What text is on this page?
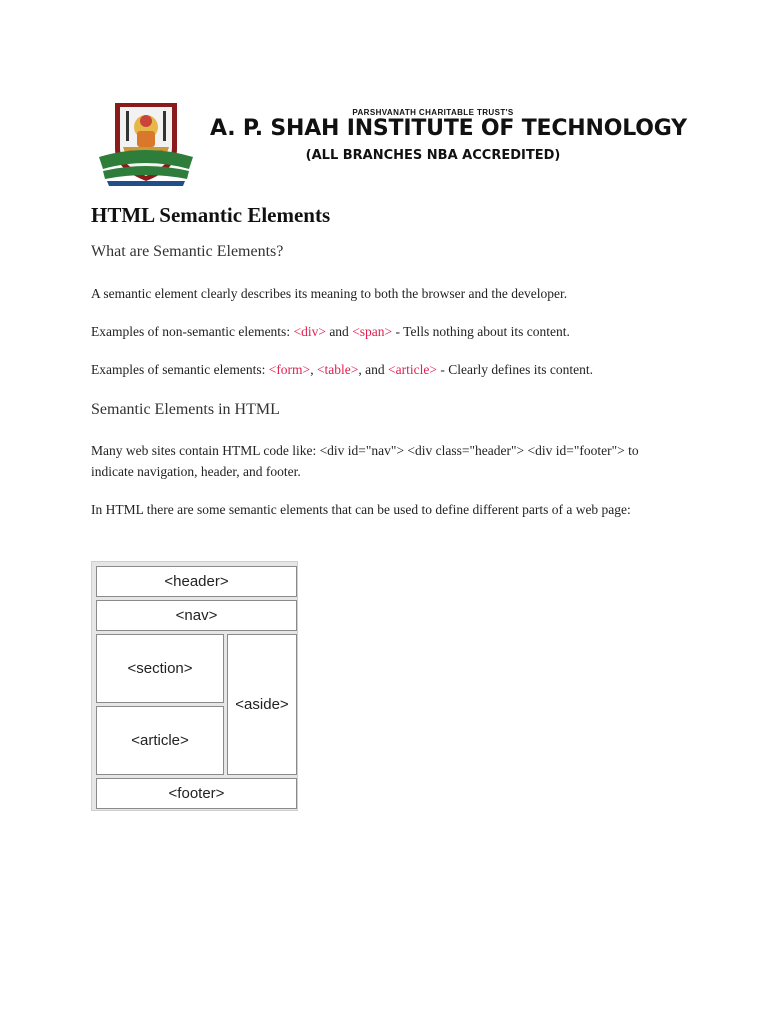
PARSHVANATH CHARITABLE TRUST'S
A. P. SHAH INSTITUTE OF TECHNOLOGY
(ALL BRANCHES NBA ACCREDITED)
HTML Semantic Elements
What are Semantic Elements?

A semantic element clearly describes its meaning to both the browser and the developer.

Examples of non-semantic elements: <div> and <span> - Tells nothing about its content.

Examples of semantic elements: <form>, <table>, and <article> - Clearly defines its content.

Semantic Elements in HTML

Many web sites contain HTML code like: <div id="nav"> <div class="header"> <div id="footer"> to indicate navigation, header, and footer.

In HTML there are some semantic elements that can be used to define different parts of a web page:

<header>
<nav>
<section>
<article>
<aside>
<footer>
